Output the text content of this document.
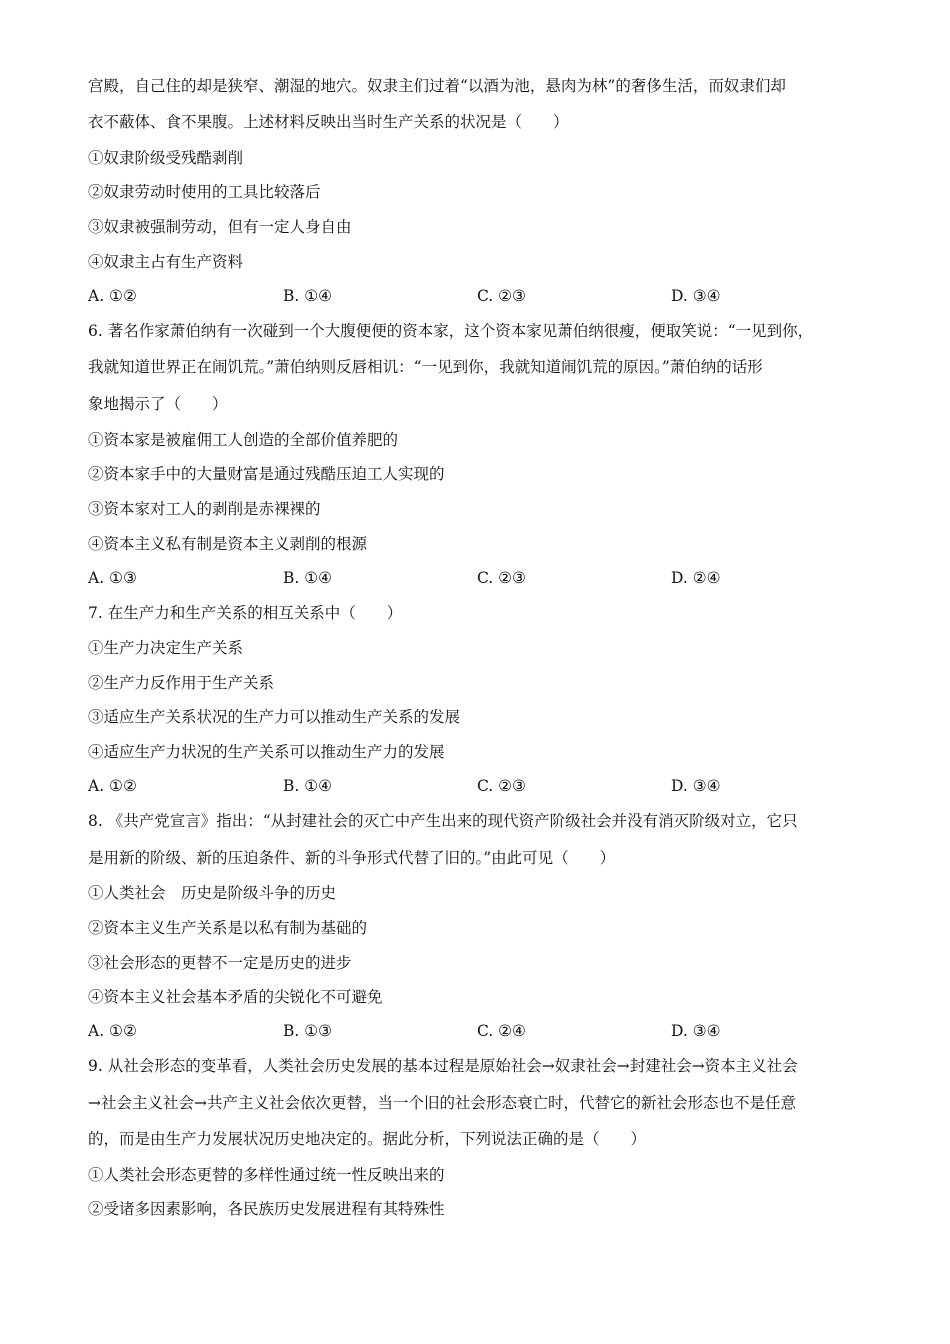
宫殿，自己住的却是狭窄、潮湿的地穴。奴隶主们过着“以酒为池，悬肉为林”的奢侈生活，而奴隶们却
衣不蔽体、食不果腹。上述材料反映出当时生产关系的状况是（　　）
①奴隶阶级受残酷剥削
②奴隶劳动时使用的工具比较落后
③奴隶被强制劳动，但有一定人身自由
④奴隶主占有生产资料
A. ①②	B. ①④	C. ②③	D. ③④
6. 著名作家萧伯纳有一次碰到一个大腹便便的资本家，这个资本家见萧伯纳很瘦，便取笑说：“一见到你，
我就知道世界正在闹饥荒。”萧伯纳则反唇相讥：“一见到你，我就知道闹饥荒的原因。”萧伯纳的话形
象地揭示了（　　）
①资本家是被雇佣工人创造的全部价值养肥的
②资本家手中的大量财富是通过残酷压迫工人实现的
③资本家对工人的剥削是赤裸裸的
④资本主义私有制是资本主义剥削的根源
A. ①③	B. ①④	C. ②③	D. ②④
7. 在生产力和生产关系的相互关系中（　　）
①生产力决定生产关系
②生产力反作用于生产关系
③适应生产关系状况的生产力可以推动生产关系的发展
④适应生产力状况的生产关系可以推动生产力的发展
A. ①②	B. ①④	C. ②③	D. ③④
8. 《共产党宣言》指出：“从封建社会的灭亡中产生出来的现代资产阶级社会并没有消灭阶级对立，它只
是用新的阶级、新的压迫条件、新的斗争形式代替了旧的。”由此可见（　　）
①人类社会　历史是阶级斗争的历史
②资本主义生产关系是以私有制为基础的
③社会形态的更替不一定是历史的进步
④资本主义社会基本矛盾的尖锐化不可避免
A. ①②	B. ①③	C. ②④	D. ③④
9. 从社会形态的变革看，人类社会历史发展的基本过程是原始社会→奴隶社会→封建社会→资本主义社会
→社会主义社会→共产主义社会依次更替，当一个旧的社会形态衰亡时，代替它的新社会形态也不是任意
的，而是由生产力发展状况历史地决定的。据此分析，下列说法正确的是（　　）
①人类社会形态更替的多样性通过统一性反映出来的
②受诸多因素影响，各民族历史发展进程有其特殊性
